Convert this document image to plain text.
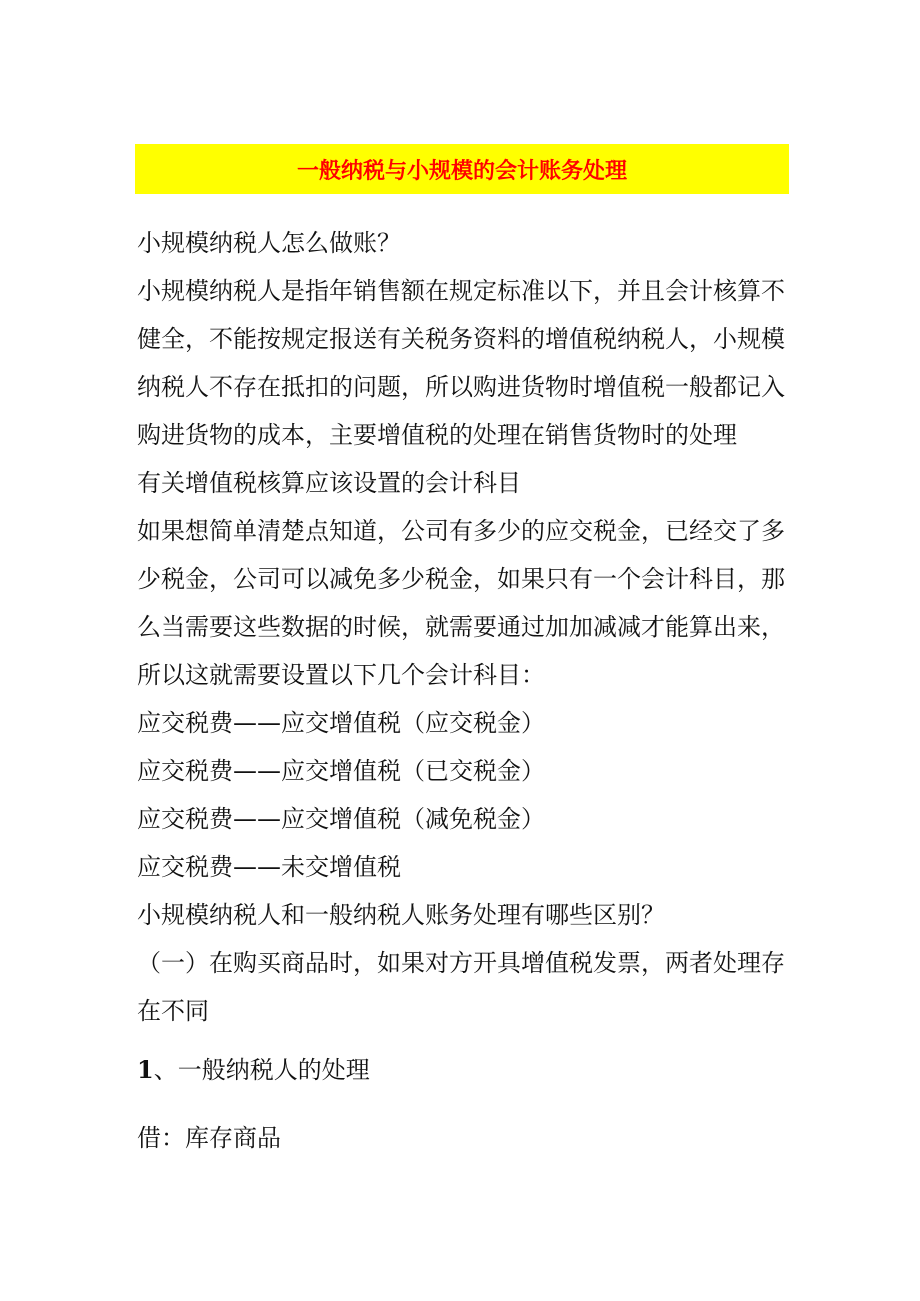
一般纳税与小规模的会计账务处理

小规模纳税人怎么做账？

小规模纳税人是指年销售额在规定标准以下，并且会计核算不健全，不能按规定报送有关税务资料的增值税纳税人，小规模纳税人不存在抵扣的问题，所以购进货物时增值税一般都记入购进货物的成本，主要增值税的处理在销售货物时的处理

有关增值税核算应该设置的会计科目

如果想简单清楚点知道，公司有多少的应交税金，已经交了多少税金，公司可以减免多少税金，如果只有一个会计科目，那么当需要这些数据的时候，就需要通过加加减减才能算出来，所以这就需要设置以下几个会计科目：

应交税费——应交增值税（应交税金）

应交税费——应交增值税（已交税金）

应交税费——应交增值税（减免税金）

应交税费——未交增值税

小规模纳税人和一般纳税人账务处理有哪些区别？

（一）在购买商品时，如果对方开具增值税发票，两者处理存在不同

1、一般纳税人的处理
借：库存商品
